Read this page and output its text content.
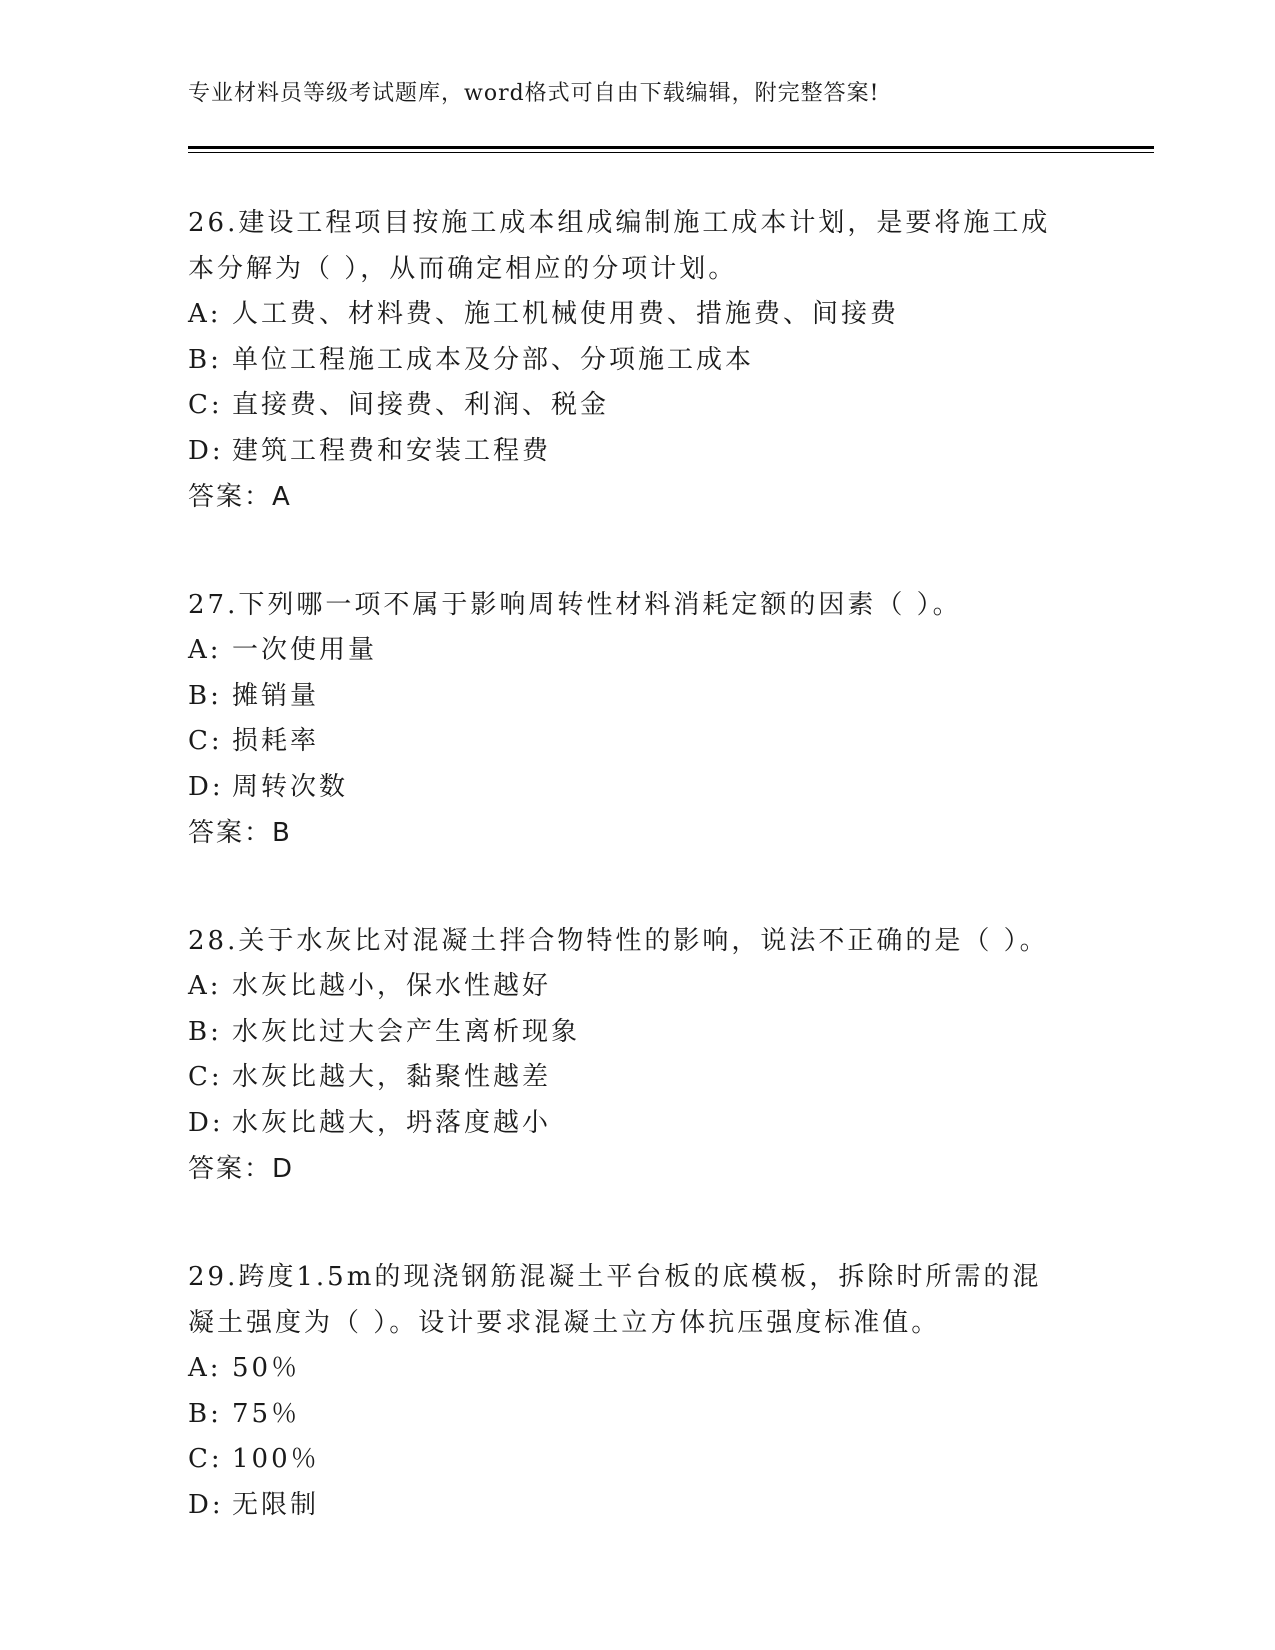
专业材料员等级考试题库，word格式可自由下载编辑，附完整答案!
26.建设工程项目按施工成本组成编制施工成本计划，是要将施工成本分解为（ ），从而确定相应的分项计划。
A: 人工费、材料费、施工机械使用费、措施费、间接费
B: 单位工程施工成本及分部、分项施工成本
C: 直接费、间接费、利润、税金
D: 建筑工程费和安装工程费
答案：A
27.下列哪一项不属于影响周转性材料消耗定额的因素（ ）。
A: 一次使用量
B: 摊销量
C: 损耗率
D: 周转次数
答案：B
28.关于水灰比对混凝土拌合物特性的影响，说法不正确的是（ ）。
A: 水灰比越小，保水性越好
B: 水灰比过大会产生离析现象
C: 水灰比越大，黏聚性越差
D: 水灰比越大，坍落度越小
答案：D
29.跨度1.5m的现浇钢筋混凝土平台板的底模板，拆除时所需的混凝土强度为（ ）。设计要求混凝土立方体抗压强度标准值。
A: 50％
B: 75％
C: 100％
D: 无限制
